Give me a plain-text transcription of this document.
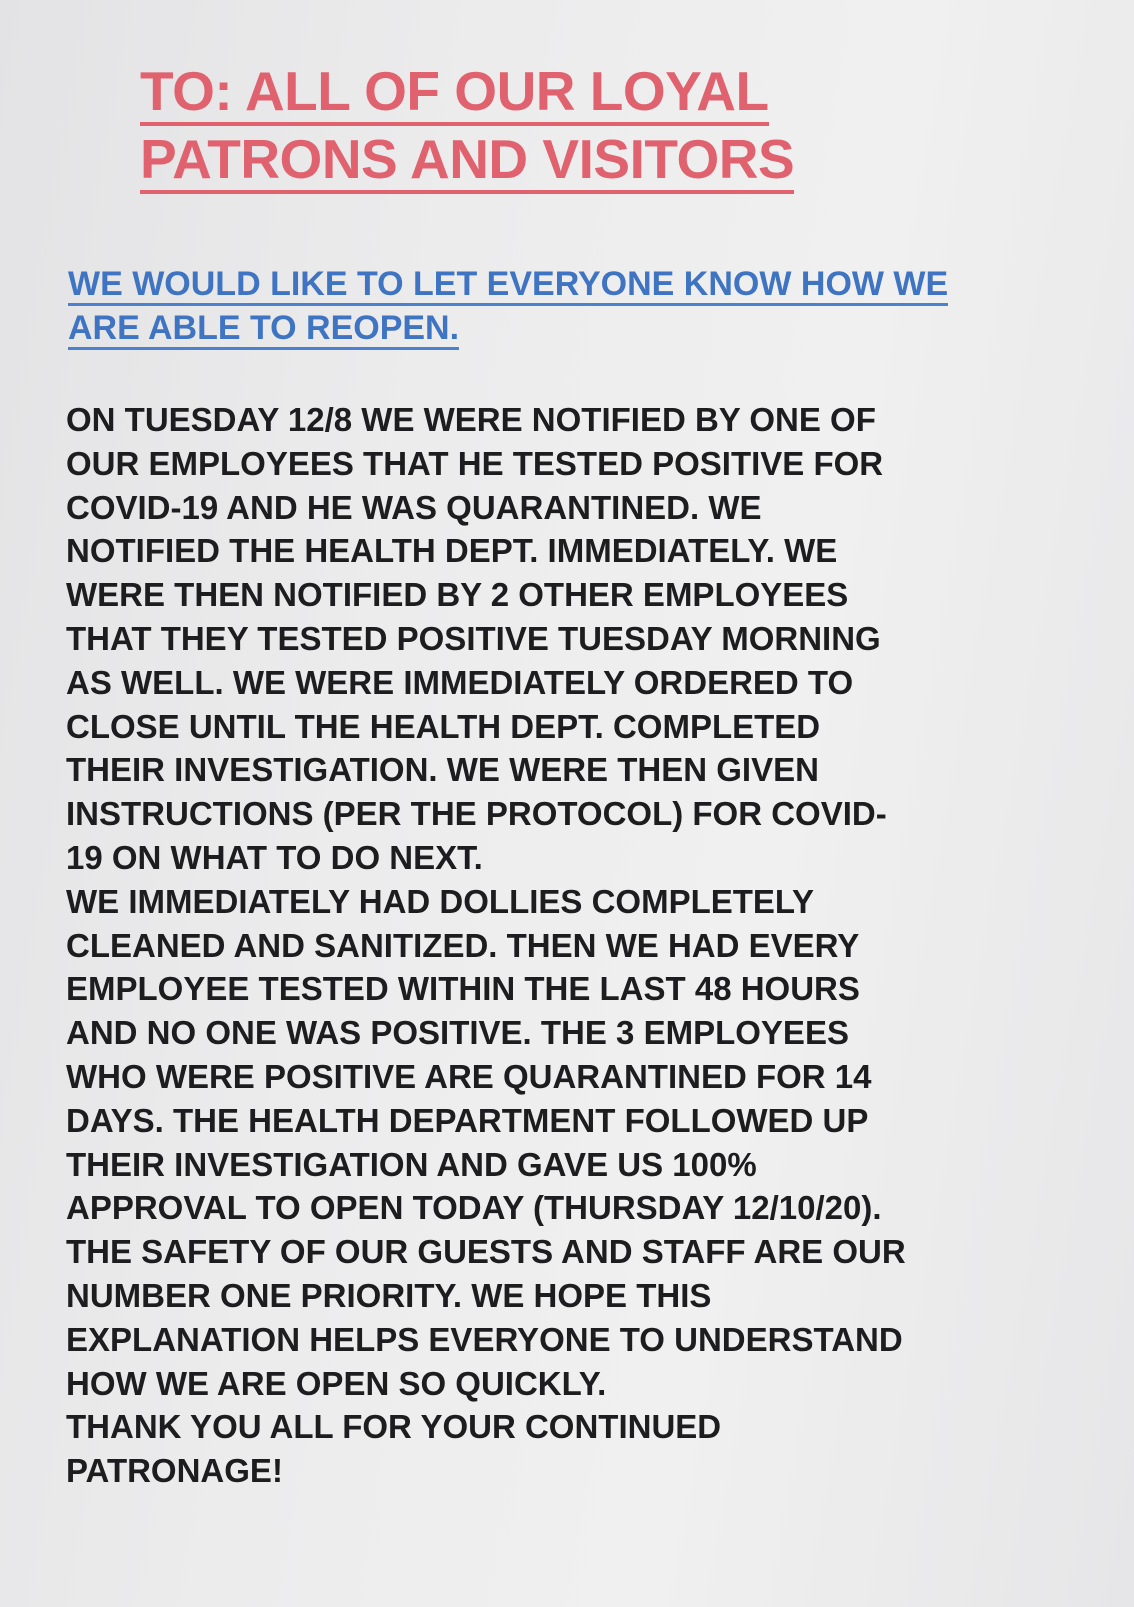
TO: ALL OF OUR LOYAL
PATRONS AND VISITORS

WE WOULD LIKE TO LET EVERYONE KNOW HOW WE
ARE ABLE TO REOPEN.

ON TUESDAY 12/8 WE WERE NOTIFIED BY ONE OF
OUR EMPLOYEES THAT HE TESTED POSITIVE FOR
COVID-19 AND HE WAS QUARANTINED. WE
NOTIFIED THE HEALTH DEPT. IMMEDIATELY. WE
WERE THEN NOTIFIED BY 2 OTHER EMPLOYEES
THAT THEY TESTED POSITIVE TUESDAY MORNING
AS WELL. WE WERE IMMEDIATELY ORDERED TO
CLOSE UNTIL THE HEALTH DEPT. COMPLETED
THEIR INVESTIGATION. WE WERE THEN GIVEN
INSTRUCTIONS (PER THE PROTOCOL) FOR COVID-
19 ON WHAT TO DO NEXT.
WE IMMEDIATELY HAD DOLLIES COMPLETELY
CLEANED AND SANITIZED. THEN WE HAD EVERY
EMPLOYEE TESTED WITHIN THE LAST 48 HOURS
AND NO ONE WAS POSITIVE. THE 3 EMPLOYEES
WHO WERE POSITIVE ARE QUARANTINED FOR 14
DAYS. THE HEALTH DEPARTMENT FOLLOWED UP
THEIR INVESTIGATION AND GAVE US 100%
APPROVAL TO OPEN TODAY (THURSDAY 12/10/20).
THE SAFETY OF OUR GUESTS AND STAFF ARE OUR
NUMBER ONE PRIORITY. WE HOPE THIS
EXPLANATION HELPS EVERYONE TO UNDERSTAND
HOW WE ARE OPEN SO QUICKLY.
THANK YOU ALL FOR YOUR CONTINUED
PATRONAGE!
